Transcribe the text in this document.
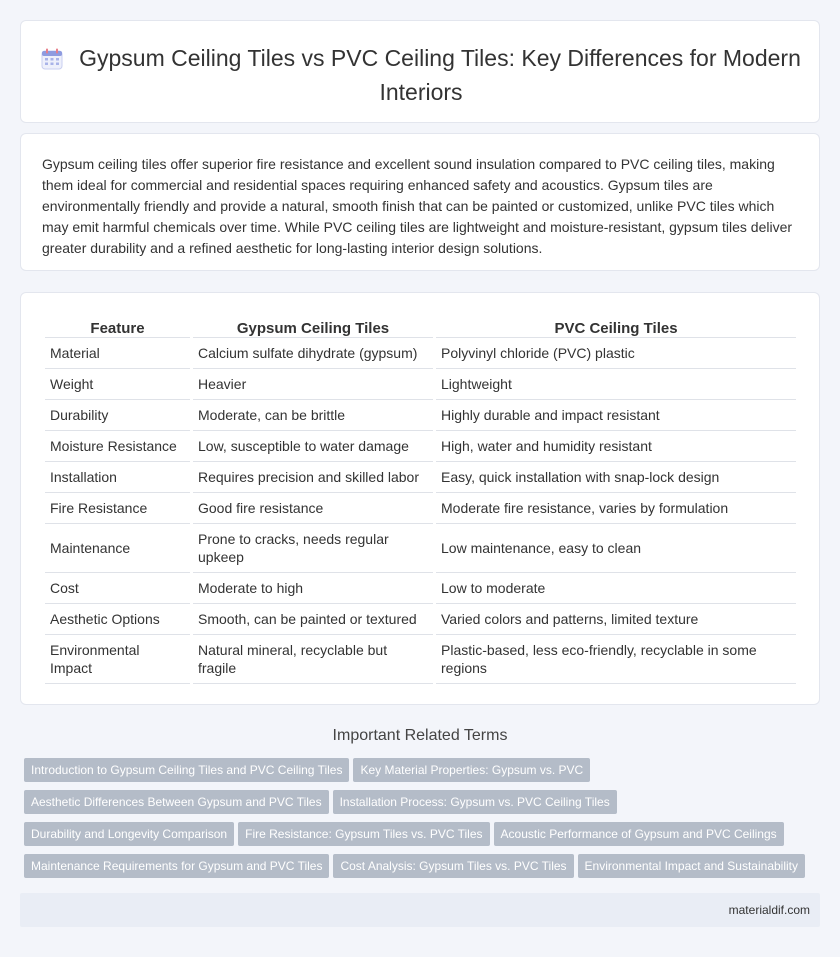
Gypsum Ceiling Tiles vs PVC Ceiling Tiles: Key Differences for Modern Interiors

Gypsum ceiling tiles offer superior fire resistance and excellent sound insulation compared to PVC ceiling tiles, making them ideal for commercial and residential spaces requiring enhanced safety and acoustics. Gypsum tiles are environmentally friendly and provide a natural, smooth finish that can be painted or customized, unlike PVC tiles which may emit harmful chemicals over time. While PVC ceiling tiles are lightweight and moisture-resistant, gypsum tiles deliver greater durability and a refined aesthetic for long-lasting interior design solutions.

Feature	Gypsum Ceiling Tiles	PVC Ceiling Tiles
Material	Calcium sulfate dihydrate (gypsum)	Polyvinyl chloride (PVC) plastic
Weight	Heavier	Lightweight
Durability	Moderate, can be brittle	Highly durable and impact resistant
Moisture Resistance	Low, susceptible to water damage	High, water and humidity resistant
Installation	Requires precision and skilled labor	Easy, quick installation with snap-lock design
Fire Resistance	Good fire resistance	Moderate fire resistance, varies by formulation
Maintenance	Prone to cracks, needs regular upkeep	Low maintenance, easy to clean
Cost	Moderate to high	Low to moderate
Aesthetic Options	Smooth, can be painted or textured	Varied colors and patterns, limited texture
Environmental Impact	Natural mineral, recyclable but fragile	Plastic-based, less eco-friendly, recyclable in some regions
Important Related Terms
Introduction to Gypsum Ceiling Tiles and PVC Ceiling Tiles Key Material Properties: Gypsum vs. PVC
Aesthetic Differences Between Gypsum and PVC Tiles Installation Process: Gypsum vs. PVC Ceiling Tiles
Durability and Longevity Comparison Fire Resistance: Gypsum Tiles vs. PVC Tiles Acoustic Performance of Gypsum and PVC Ceilings
Maintenance Requirements for Gypsum and PVC Tiles Cost Analysis: Gypsum Tiles vs. PVC Tiles Environmental Impact and Sustainability
materialdif.com
